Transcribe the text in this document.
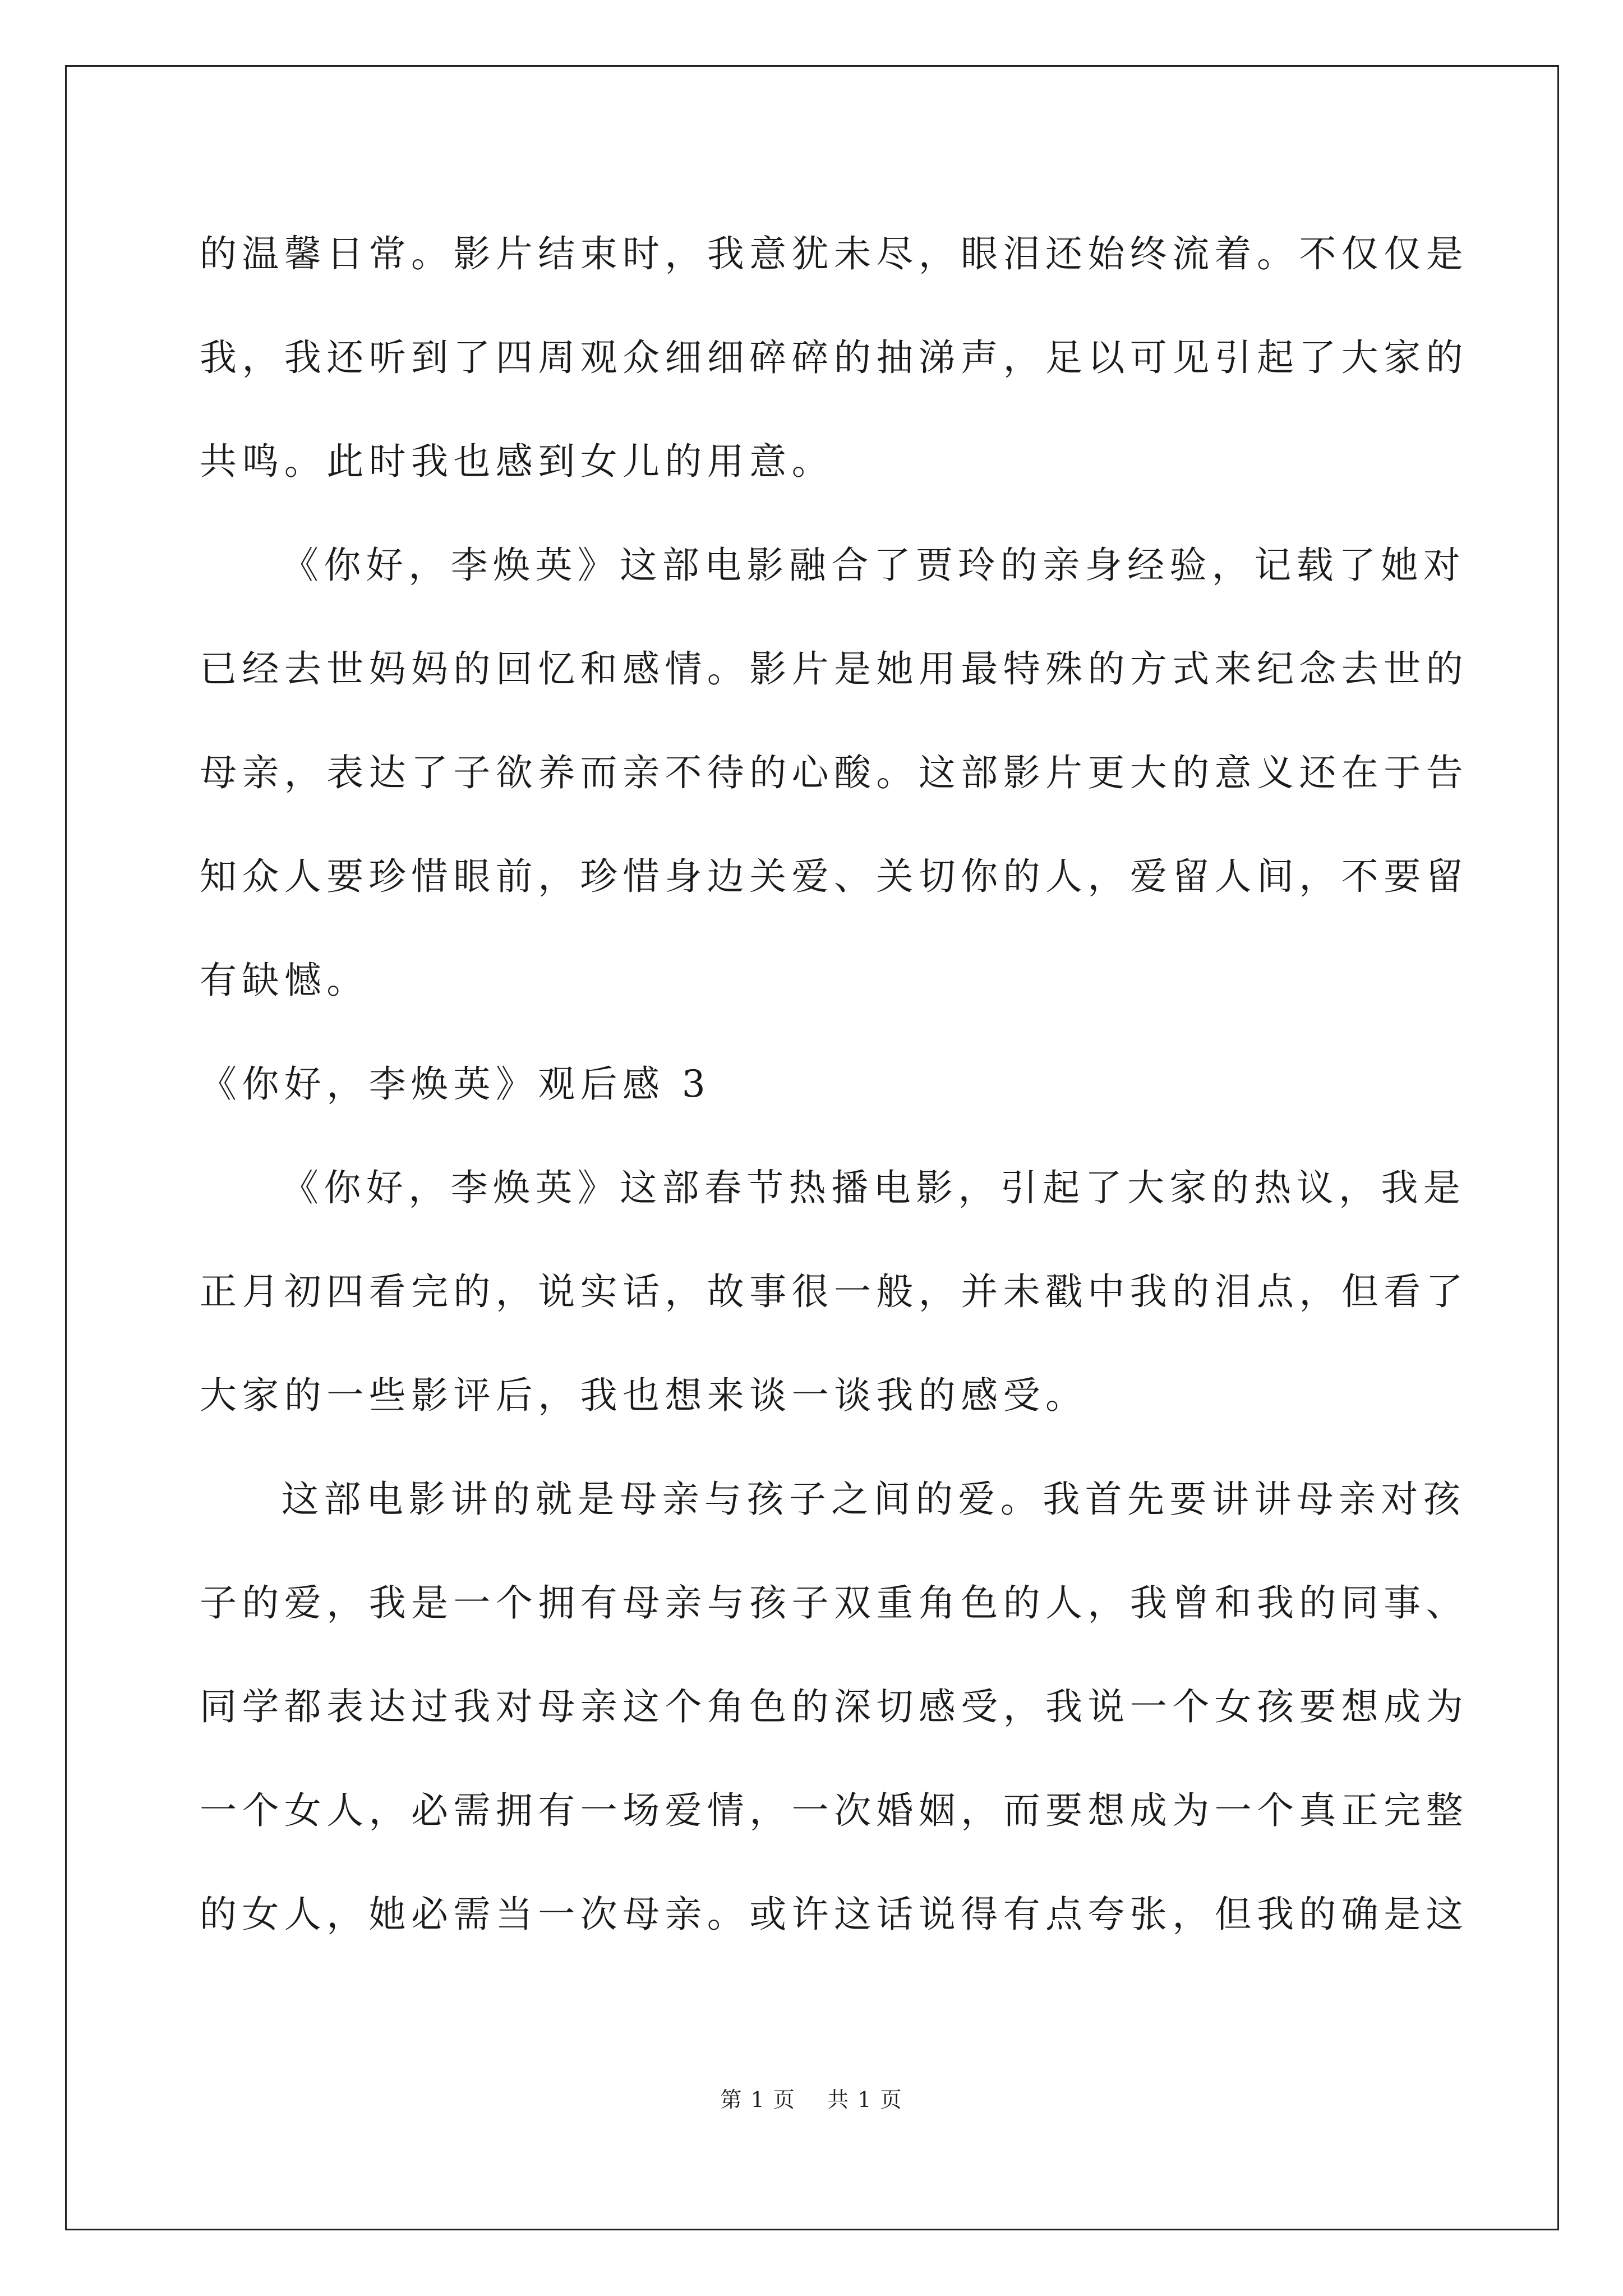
的温馨日常。影片结束时，我意犹未尽，眼泪还始终流着。不仅仅是
我，我还听到了四周观众细细碎碎的抽涕声，足以可见引起了大家的
共鸣。此时我也感到女儿的用意。
《你好，李焕英》这部电影融合了贾玲的亲身经验，记载了她对
已经去世妈妈的回忆和感情。影片是她用最特殊的方式来纪念去世的
母亲，表达了子欲养而亲不待的心酸。这部影片更大的意义还在于告
知众人要珍惜眼前，珍惜身边关爱、关切你的人，爱留人间，不要留
有缺憾。
《你好，李焕英》观后感 3
《你好，李焕英》这部春节热播电影，引起了大家的热议，我是
正月初四看完的，说实话，故事很一般，并未戳中我的泪点，但看了
大家的一些影评后，我也想来谈一谈我的感受。
这部电影讲的就是母亲与孩子之间的爱。我首先要讲讲母亲对孩
子的爱，我是一个拥有母亲与孩子双重角色的人，我曾和我的同事、
同学都表达过我对母亲这个角色的深切感受，我说一个女孩要想成为
一个女人，必需拥有一场爱情，一次婚姻，而要想成为一个真正完整
的女人，她必需当一次母亲。或许这话说得有点夸张，但我的确是这
第 1 页    共 1 页
